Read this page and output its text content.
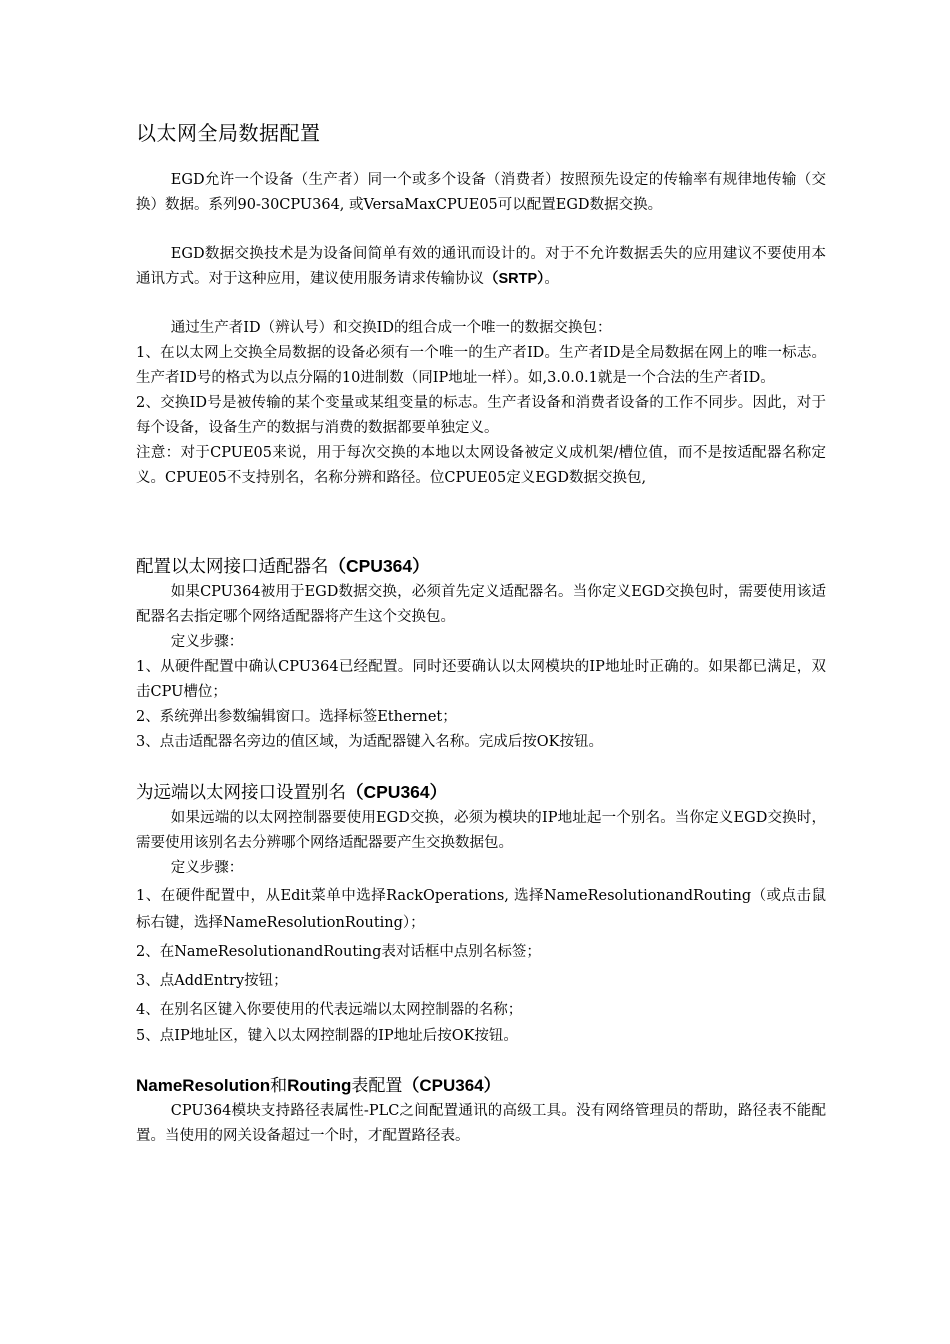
以太网全局数据配置

EGD允许一个设备（生产者）同一个或多个设备（消费者）按照预先设定的传输率有规律地传输（交换）数据。系列90-30CPU364, 或VersaMaxCPUE05可以配置EGD数据交换。

EGD数据交换技术是为设备间简单有效的通讯而设计的。对于不允许数据丢失的应用建议不要使用本通讯方式。对于这种应用，建议使用服务请求传输协议（SRTP）。

通过生产者ID（辨认号）和交换ID的组合成一个唯一的数据交换包：

1、在以太网上交换全局数据的设备必须有一个唯一的生产者ID。生产者ID是全局数据在网上的唯一标志。生产者ID号的格式为以点分隔的10进制数（同IP地址一样）。如,3.0.0.1就是一个合法的生产者ID。

2、交换ID号是被传输的某个变量或某组变量的标志。生产者设备和消费者设备的工作不同步。因此，对于每个设备，设备生产的数据与消费的数据都要单独定义。

注意：对于CPUE05来说，用于每次交换的本地以太网设备被定义成机架/槽位值，而不是按适配器名称定义。CPUE05不支持别名，名称分辨和路径。位CPUE05定义EGD数据交换包,

配置以太网接口适配器名（CPU364）

如果CPU364被用于EGD数据交换，必须首先定义适配器名。当你定义EGD交换包时，需要使用该适配器名去指定哪个网络适配器将产生这个交换包。

定义步骤：

1、从硬件配置中确认CPU364已经配置。同时还要确认以太网模块的IP地址时正确的。如果都已满足，双击CPU槽位；

2、系统弹出参数编辑窗口。选择标签Ethernet；

3、点击适配器名旁边的值区域，为适配器键入名称。完成后按OK按钮。

为远端以太网接口设置别名（CPU364）

如果远端的以太网控制器要使用EGD交换，必须为模块的IP地址起一个别名。当你定义EGD交换时，需要使用该别名去分辨哪个网络适配器要产生交换数据包。

定义步骤：

1、在硬件配置中，从Edit菜单中选择RackOperations, 选择NameResolutionandRouting（或点击鼠标右键，选择NameResolutionRouting）；

2、在NameResolutionandRouting表对话框中点别名标签；

3、点AddEntry按钮；

4、在别名区键入你要使用的代表远端以太网控制器的名称；

5、点IP地址区，键入以太网控制器的IP地址后按OK按钮。

NameResolution和Routing表配置（CPU364）

CPU364模块支持路径表属性-PLC之间配置通讯的高级工具。没有网络管理员的帮助，路径表不能配置。当使用的网关设备超过一个时，才配置路径表。
